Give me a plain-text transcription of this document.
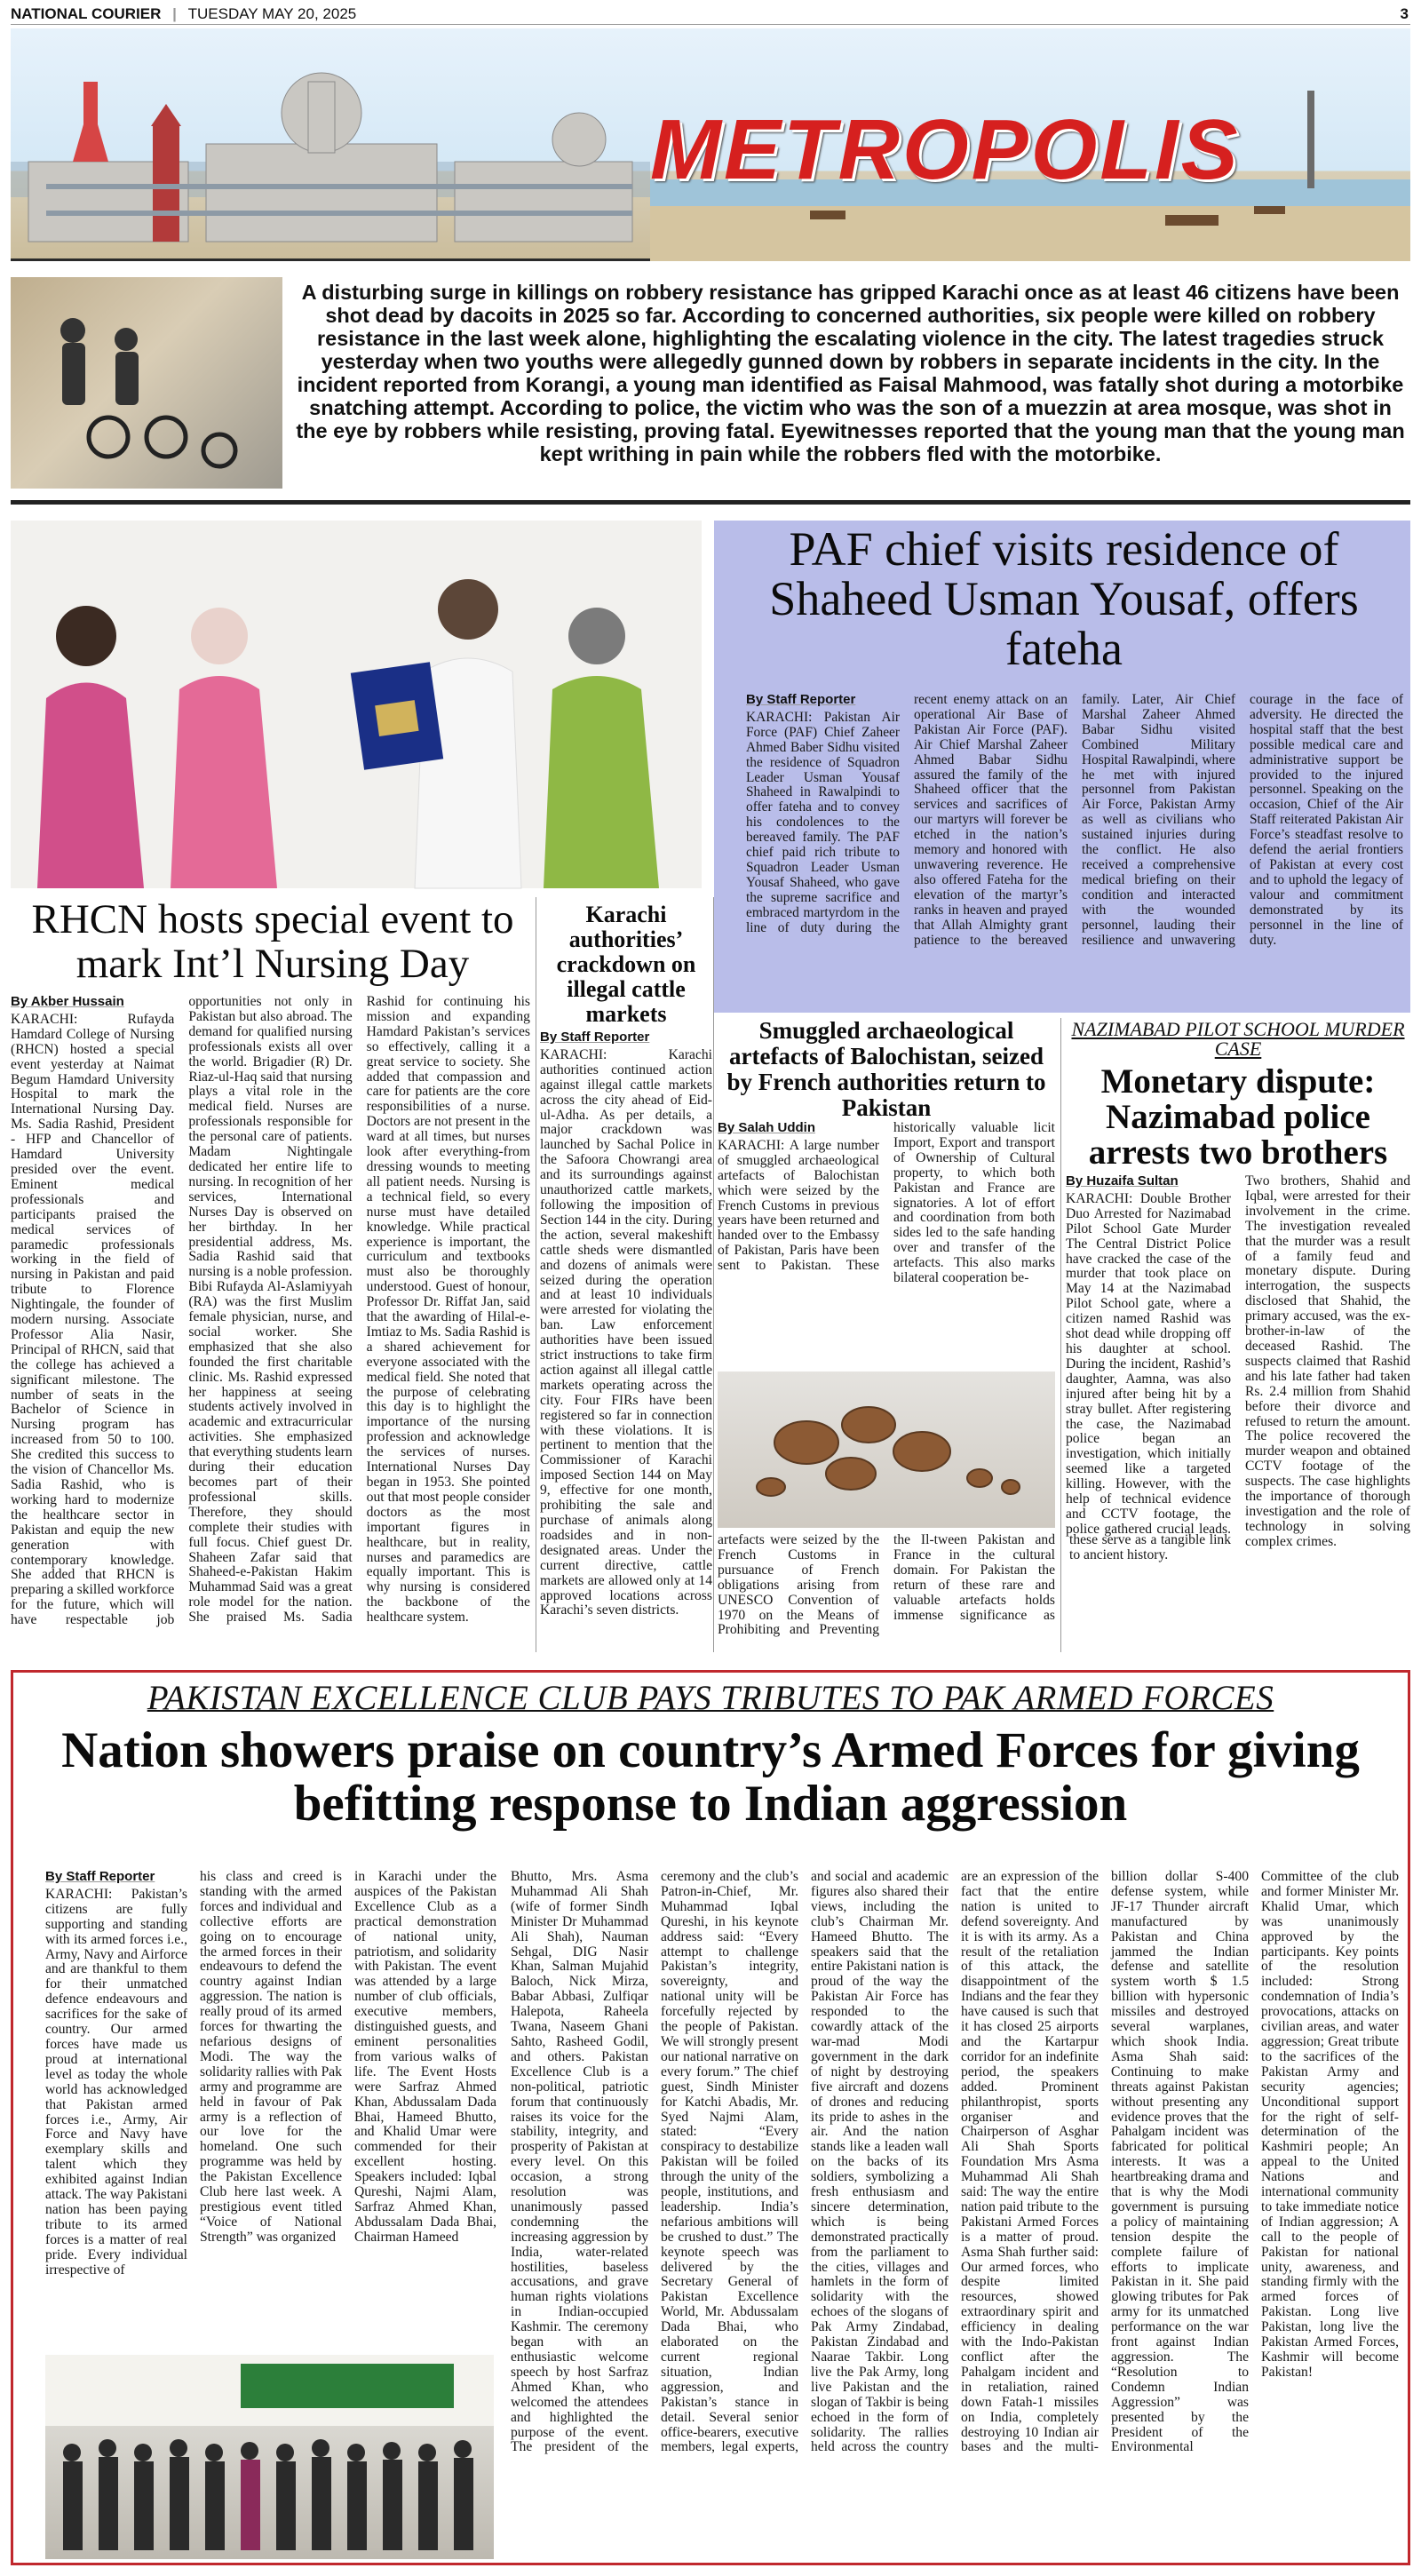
NATIONAL COURIER | TUESDAY MAY 20, 2025	3
METROPOLIS
A disturbing surge in killings on robbery resistance has gripped Karachi once as at least 46 citizens have been shot dead by dacoits in 2025 so far. According to concerned authorities, six people were killed on robbery resistance in the last week alone, highlighting the escalating violence in the city. The latest tragedies struck yesterday when two youths were allegedly gunned down by robbers in separate incidents in the city. In the incident reported from Korangi, a young man identified as Faisal Mahmood, was fatally shot during a motorbike snatching attempt. According to police, the victim who was the son of a muezzin at area mosque, was shot in the eye by robbers while resisting, proving fatal. Eyewitnesses reported that the young man that the young man kept writhing in pain while the robbers fled with the motorbike.
PAF chief visits residence of Shaheed Usman Yousaf, offers fateha
By Staff Reporter

KARACHI: Pakistan Air Force (PAF) Chief Zaheer Ahmed Baber Sidhu visited the residence of Squadron Leader Usman Yousaf Shaheed in Rawalpindi to offer fateha and to convey his condolences to the bereaved family. The PAF chief paid rich tribute to Squadron Leader Usman Yousaf Shaheed, who gave the supreme sacrifice and embraced martyrdom in the line of duty during the recent enemy attack on an operational Air Base of Pakistan Air Force (PAF). Air Chief Marshal Zaheer Ahmed Babar Sidhu assured the family of the Shaheed officer that the services and sacrifices of our martyrs will forever be etched in the nation’s memory and honored with unwavering reverence. He also offered Fateha for the elevation of the martyr’s ranks in heaven and prayed that Allah Almighty grant patience to the bereaved family. Later, Air Chief Marshal Zaheer Ahmed Babar Sidhu visited Combined Military Hospital Rawalpindi, where he met with injured personnel from Pakistan Air Force, Pakistan Army as well as civilians who sustained injuries during the conflict. He also received a comprehensive medical briefing on their condition and interacted with the wounded personnel, lauding their resilience and unwavering courage in the face of adversity. He directed the hospital staff that the best possible medical care and administrative support be provided to the injured personnel. Speaking on the occasion, Chief of the Air Staff reiterated Pakistan Air Force’s steadfast resolve to defend the aerial frontiers of Pakistan at every cost and to uphold the legacy of valour and commitment demonstrated by its personnel in the line of duty.

RHCN hosts special event to mark Int’l Nursing Day
By Akber Hussain

KARACHI: Rufayda Hamdard College of Nursing (RHCN) hosted a special event yesterday at Naimat Begum Hamdard University Hospital to mark the International Nursing Day. Ms. Sadia Rashid, President - HFP and Chancellor of Hamdard University presided over the event. Eminent medical professionals and participants praised the medical services of paramedic professionals working in the field of nursing in Pakistan and paid tribute to Florence Nightingale, the founder of modern nursing. Associate Professor Alia Nasir, Principal of RHCN, said that the college has achieved a significant milestone. The number of seats in the Bachelor of Science in Nursing program has increased from 50 to 100. She credited this success to the vision of Chancellor Ms. Sadia Rashid, who is working hard to modernize the healthcare sector in Pakistan and equip the new generation with contemporary knowledge. She added that RHCN is preparing a skilled workforce for the future, which will have respectable job opportunities not only in Pakistan but also abroad. The demand for qualified nursing professionals exists all over the world. Brigadier (R) Dr. Riaz-ul-Haq said that nursing plays a vital role in the medical field. Nurses are professionals responsible for the personal care of patients. Madam Nightingale dedicated her entire life to nursing. In recognition of her services, International Nurses Day is observed on her birthday. In her presidential address, Ms. Sadia Rashid said that nursing is a noble profession. Bibi Rufayda Al-Aslamiyyah (RA) was the first Muslim female physician, nurse, and social worker. She emphasized that she also founded the first charitable clinic. Ms. Rashid expressed her happiness at seeing students actively involved in academic and extracurricular activities. She emphasized that everything students learn during their education becomes part of their professional skills. Therefore, they should complete their studies with full focus. Chief guest Dr. Shaheen Zafar said that Shaheed-e-Pakistan Hakim Muhammad Said was a great role model for the nation. She praised Ms. Sadia Rashid for continuing his mission and expanding Hamdard Pakistan’s services so effectively, calling it a great service to society. She added that compassion and care for patients are the core responsibilities of a nurse. Doctors are not present in the ward at all times, but nurses look after everything-from dressing wounds to meeting all patient needs. Nursing is a technical field, so every nurse must have detailed knowledge. While practical experience is important, the curriculum and textbooks must also be thoroughly understood. Guest of honour, Professor Dr. Riffat Jan, said that the awarding of Hilal-e-Imtiaz to Ms. Sadia Rashid is a shared achievement for everyone associated with the medical field. She noted that the purpose of celebrating this day is to highlight the importance of the nursing profession and acknowledge the services of nurses. International Nurses Day began in 1953. She pointed out that most people consider doctors as the most important figures in healthcare, but in reality, nurses and paramedics are equally important. This is why nursing is considered the backbone of the healthcare system.

Karachi authorities’ crackdown on illegal cattle markets
By Staff Reporter

KARACHI: Karachi authorities continued action against illegal cattle markets across the city ahead of Eid-ul-Adha. As per details, a major crackdown was launched by Sachal Police in the Safoora Chowrangi area and its surroundings against unauthorized cattle markets, following the imposition of Section 144 in the city. During the action, several makeshift cattle sheds were dismantled and dozens of animals were seized during the operation and at least 10 individuals were arrested for violating the ban. Law enforcement authorities have been issued strict instructions to take firm action against all illegal cattle markets operating across the city. Four FIRs have been registered so far in connection with these violations. It is pertinent to mention that the Commissioner of Karachi imposed Section 144 on May 9, effective for one month, prohibiting the sale and purchase of animals along roadsides and in non-designated areas. Under the current directive, cattle markets are allowed only at 14 approved locations across Karachi’s seven districts.

Smuggled archaeological artefacts of Balochistan, seized by French authorities return to Pakistan
By Salah Uddin

KARACHI: A large number of smuggled archaeological artefacts of Balochistan which were seized by the French Customs in previous years have been returned and handed over to the Embassy of Pakistan, Paris have been sent to Pakistan. These historically valuable licit Import, Export and transport of Ownership of Cultural property, to which both Pakistan and France are signatories. A lot of effort and coordination from both sides led to the safe handing over and transfer of the artefacts. This also marks bilateral cooperation be-

artefacts were seized by the French Customs in pursuance of French obligations arising from UNESCO Convention of 1970 on the Means of Prohibiting and Preventing the Il-tween Pakistan and France in the cultural domain. For Pakistan the return of these rare and valuable artefacts holds immense significance as these serve as a tangible link to ancient history.
NAZIMABAD PILOT SCHOOL MURDER CASE
Monetary dispute: Nazimabad police arrests two brothers
By Huzaifa Sultan

KARACHI: Double Brother Duo Arrested for Nazimabad Pilot School Gate Murder The Central District Police have cracked the case of the murder that took place on May 14 at the Nazimabad Pilot School gate, where a citizen named Rashid was shot dead while dropping off his daughter at school. During the incident, Rashid’s daughter, Aamna, was also injured after being hit by a stray bullet. After registering the case, the Nazimabad police began an investigation, which initially seemed like a targeted killing. However, with the help of technical evidence and CCTV footage, the police gathered crucial leads. Two brothers, Shahid and Iqbal, were arrested for their involvement in the crime. The investigation revealed that the murder was a result of a family feud and monetary dispute. During interrogation, the suspects disclosed that Shahid, the primary accused, was the ex-brother-in-law of the deceased Rashid. The suspects claimed that Rashid and his late father had taken Rs. 2.4 million from Shahid before their divorce and refused to return the amount. The police recovered the murder weapon and obtained CCTV footage of the suspects. The case highlights the importance of thorough investigation and the role of technology in solving complex crimes.

PAKISTAN EXCELLENCE CLUB PAYS TRIBUTES TO PAK ARMED FORCES
Nation showers praise on country’s Armed Forces for giving befitting response to Indian aggression
By Staff Reporter

KARACHI: Pakistan’s citizens are fully supporting and standing with its armed forces i.e., Army, Navy and Airforce and are thankful to them for their unmatched defence endeavours and sacrifices for the sake of country. Our armed forces have made us proud at international level as today the whole world has acknowledged that Pakistan armed forces i.e., Army, Air Force and Navy have exemplary skills and talent which they exhibited against Indian attack. The way Pakistani nation has been paying tribute to its armed forces is a matter of real pride. Every individual irrespective of

his class and creed is standing with the armed forces and individual and collective efforts are going on to encourage the armed forces in their endeavours to defend the country against Indian aggression. The nation is really proud of its armed forces for thwarting the nefarious designs of Modi. The way the solidarity rallies with Pak army and programme are held in favour of Pak army is a reflection of our love for the homeland. One such programme was held by the Pakistan Excellence Club here last week. A prestigious event titled “Voice of National Strength” was organized
in Karachi under the auspices of the Pakistan Excellence Club as a practical demonstration of national unity, patriotism, and solidarity with Pakistan. The event was attended by a large number of club officials, executive members, distinguished guests, and eminent personalities from various walks of life. The Event Hosts were Sarfraz Ahmed Khan, Abdussalam Dada Bhai, Hameed Bhutto, and Khalid Umar were commended for their excellent hosting. Speakers included: Iqbal Qureshi, Najmi Alam, Sarfraz Ahmed Khan, Abdussalam Dada Bhai, Chairman Hameed
Bhutto, Mrs. Asma Muhammad Ali Shah (wife of former Sindh Minister Dr Muhammad Ali Shah), Nauman Sehgal, DIG Nasir Khan, Salman Mujahid Baloch, Nick Mirza, Babar Abbasi, Zulfiqar Halepota, Raheela Twana, Naseem Ghani Sahto, Rasheed Godil, and others. Pakistan Excellence Club is a non-political, patriotic forum that continuously raises its voice for the stability, integrity, and prosperity of Pakistan at every level. On this occasion, a strong resolution was unanimously passed condemning the increasing aggression by India, water-related hostilities, baseless accusations, and grave human rights violations in Indian-occupied Kashmir. The ceremony began with an enthusiastic welcome speech by host Sarfraz Ahmed Khan, who welcomed the attendees and highlighted the purpose of the event. The president of the ceremony and the club’s Patron-in-Chief, Mr. Muhammad Iqbal Qureshi, in his keynote address said: “Every attempt to challenge Pakistan’s integrity, sovereignty, and national unity will be forcefully rejected by the people of Pakistan. We will strongly present our national narrative on every forum.” The chief guest, Sindh Minister for Katchi Abadis, Mr. Syed Najmi Alam, stated: “Every conspiracy to destabilize Pakistan will be foiled through the unity of the people, institutions, and leadership. India’s nefarious ambitions will be crushed to dust.” The keynote speech was delivered by the Secretary General of Pakistan Excellence World, Mr. Abdussalam Dada Bhai, who elaborated on the current regional situation, Indian aggression, and Pakistan’s stance in detail. Several senior office-bearers, executive members, legal experts, and social and academic figures also shared their views, including the club’s Chairman Mr. Hameed Bhutto. The speakers said that the entire Pakistani nation is proud of the way the Pakistan Air Force has responded to the cowardly attack of the war-mad Modi government in the dark of night by destroying five aircraft and dozens of drones and reducing its pride to ashes in the air. And the nation stands like a leaden wall on the backs of its soldiers, symbolizing a fresh enthusiasm and sincere determination, which is being demonstrated practically from the parliament to the cities, villages and hamlets in the form of solidarity with the echoes of the slogans of Pak Army Zindabad, Pakistan Zindabad and Naarae Takbir. Long live the Pak Army, long live Pakistan and the slogan of Takbir is being echoed in the form of solidarity. The rallies held across the country are an expression of the fact that the entire nation is united to defend sovereignty. And it is with its army. As a result of the retaliation of this attack, the disappointment of the Indians and the fear they have caused is such that it has closed 25 airports and the Kartarpur corridor for an indefinite period, the speakers added. Prominent philanthropist, sports organiser and Chairperson of Asghar Ali Shah Sports Foundation Mrs Asma Muhammad Ali Shah said: The way the entire nation paid tribute to the Pakistani Armed Forces is a matter of proud. Asma Shah further said: Our armed forces, who despite limited resources, showed extraordinary spirit and efficiency in dealing with the Indo-Pakistan conflict after the Pahalgam incident and in retaliation, rained down Fatah-1 missiles on India, completely destroying 10 Indian air bases and the multi-billion dollar S-400 defense system, while JF-17 Thunder aircraft manufactured by Pakistan and China jammed the Indian defense and satellite system worth $ 1.5 billion with hypersonic missiles and destroyed several warplanes, which shook India. Asma Shah said: Continuing to make threats against Pakistan without presenting any evidence proves that the Pahalgam incident was fabricated for political interests. It was a heartbreaking drama and that is why the Modi government is pursuing a policy of maintaining tension despite the complete failure of efforts to implicate Pakistan in it. She paid glowing tributes for Pak army for its unmatched performance on the war front against Indian aggression. The “Resolution to Condemn Indian Aggression” was presented by the President of the Environmental Committee of the club and former Minister Mr. Khalid Umar, which was unanimously approved by the participants. Key points of the resolution included: Strong condemnation of India’s provocations, attacks on civilian areas, and water aggression; Great tribute to the sacrifices of the Pakistan Army and security agencies; Unconditional support for the right of self-determination of the Kashmiri people; An appeal to the United Nations and international community to take immediate notice of Indian aggression; A call to the people of Pakistan for national unity, awareness, and standing firmly with the armed forces of Pakistan. Long live Pakistan, long live the Pakistan Armed Forces, Kashmir will become Pakistan!
